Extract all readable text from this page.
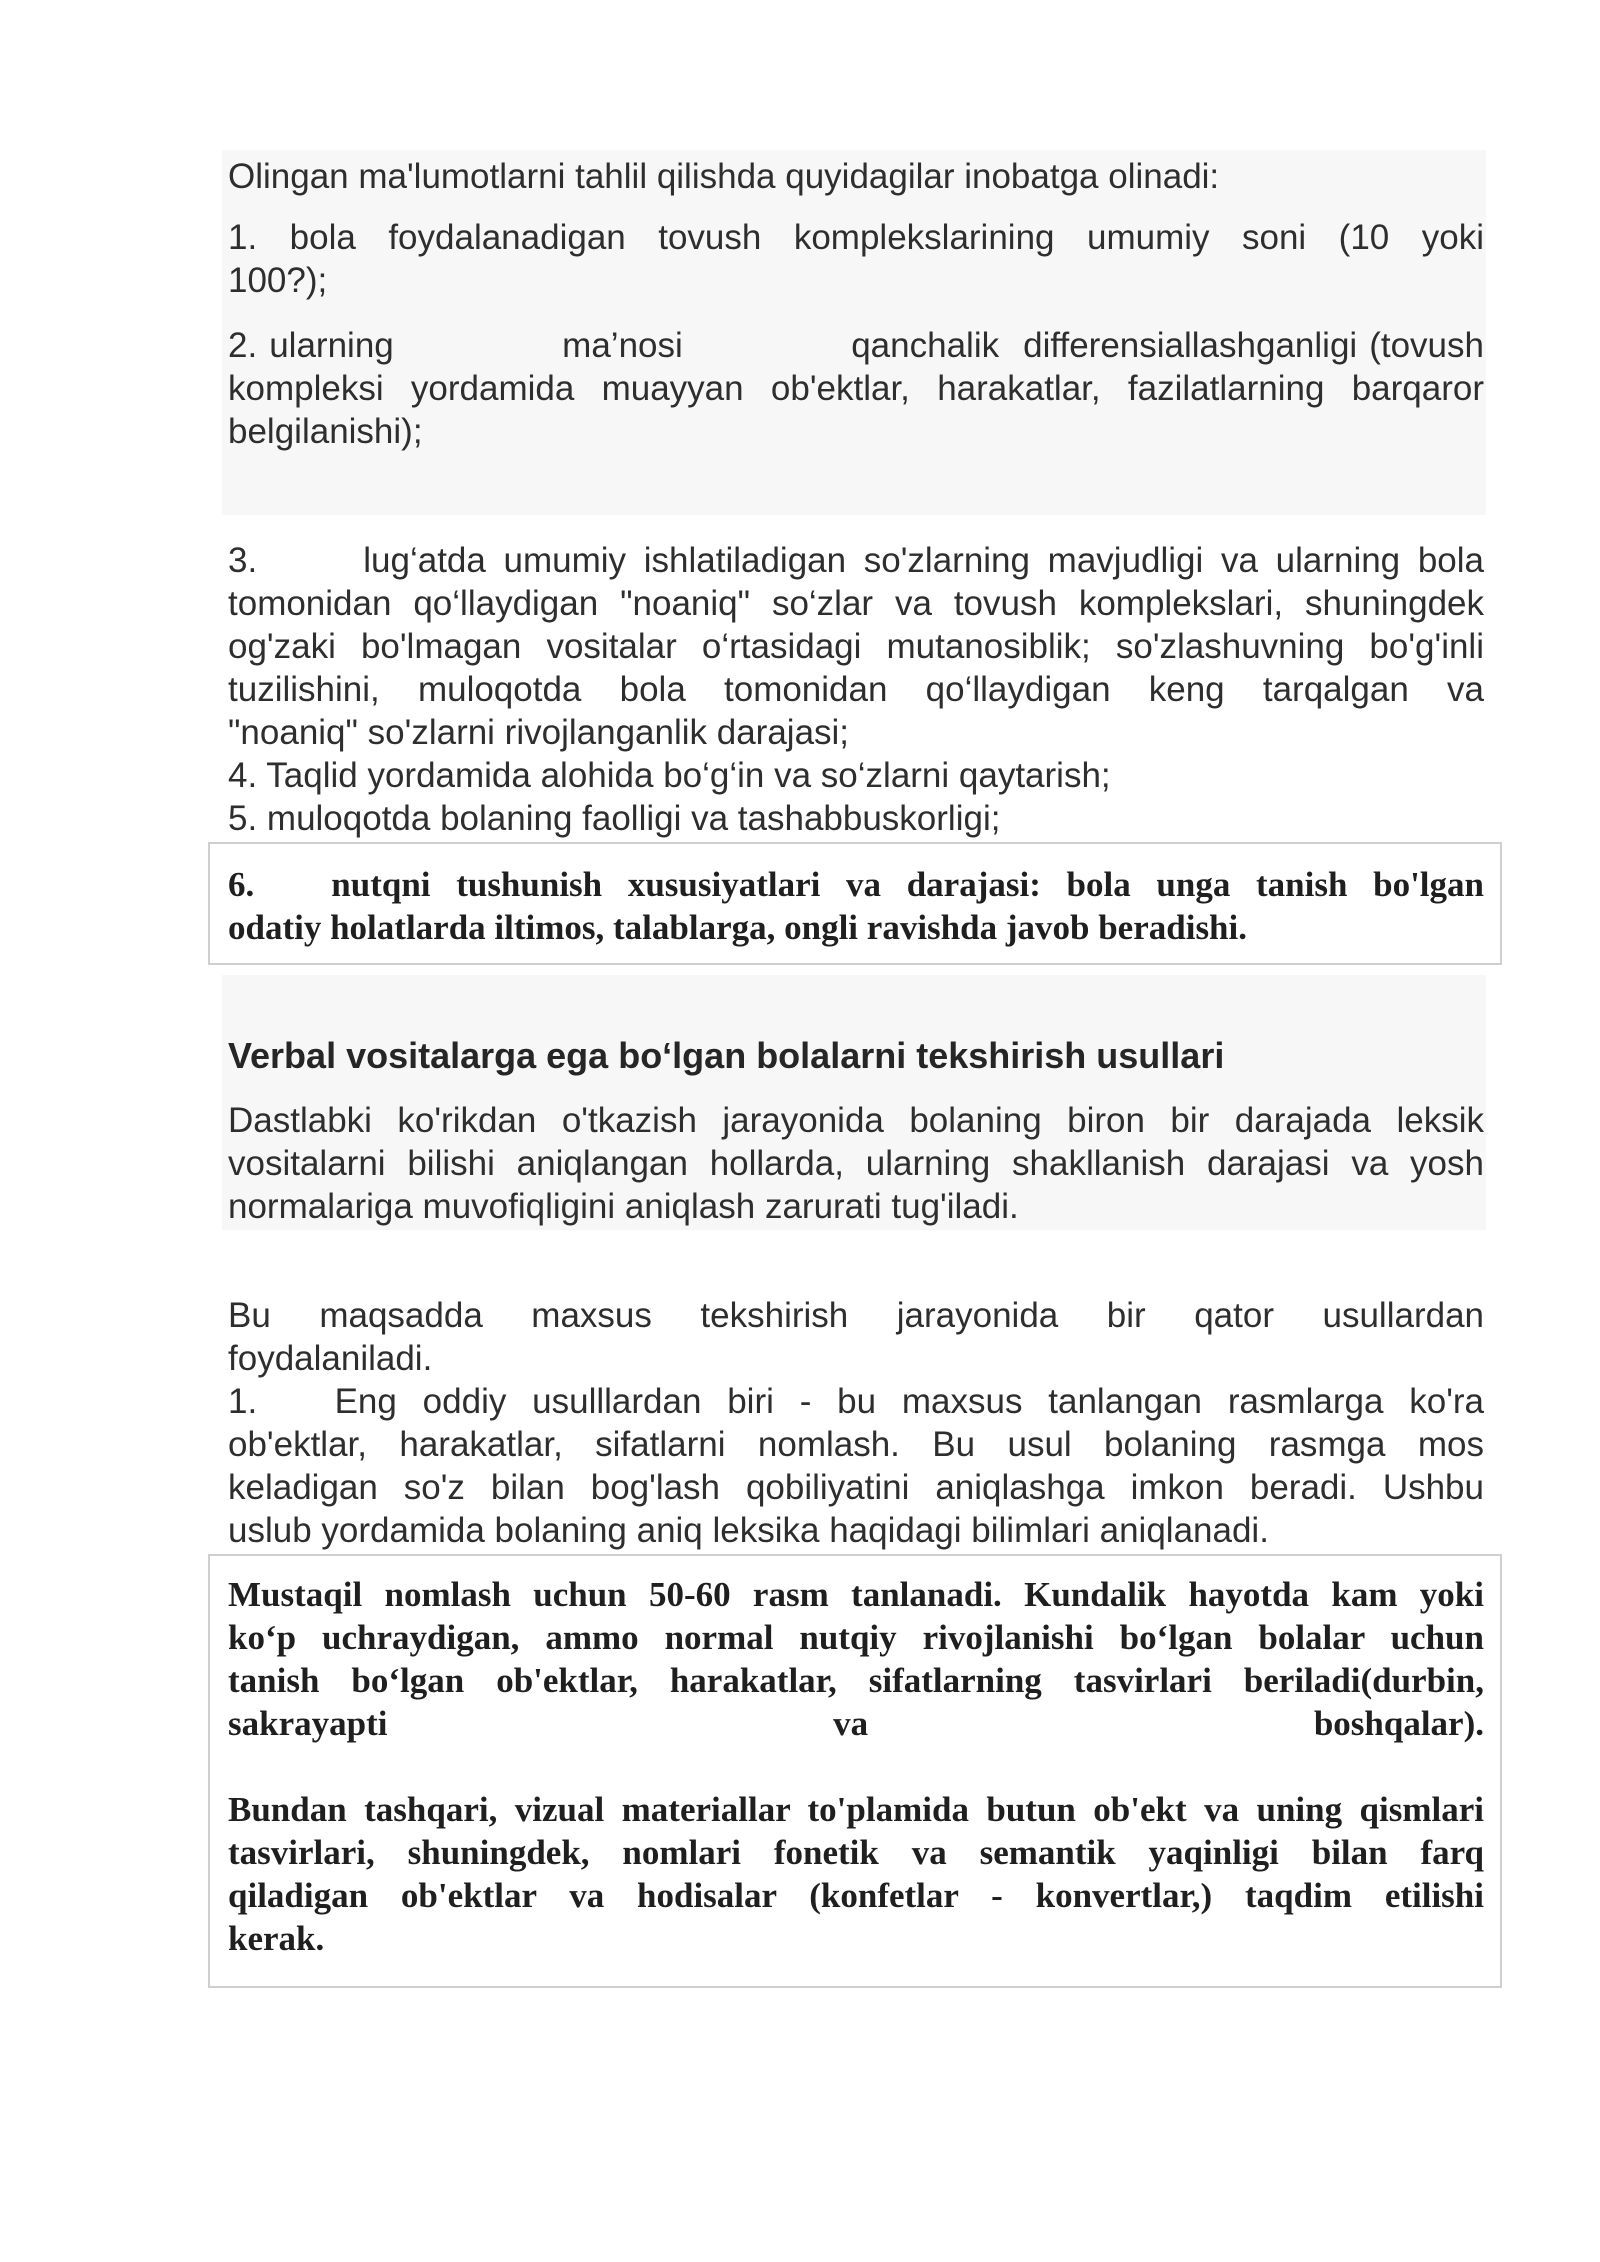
Olingan ma'lumotlarni tahlil qilishda quyidagilar inobatga olinadi:

1. bola foydalanadigan tovush komplekslаrining umumiy soni (10 yoki
100?);

2. ularning              ma’nosi              qanchalik  differensiallashganligi (tovush
kompleksi yordamida muayyan ob'ektlar, harakatlar, fazilatlarning barqaror
belgilanishi);

3.      lug‘atda umumiy ishlatiladigan so'zlarning mavjudligi va ularning bola
tomonidan qo‘llaydigan "noaniq" so‘zlar va tovush komplekslari, shuningdek
og'zaki bo'lmagan vositalar o‘rtasidagi mutanosiblik; so'zlashuvning bo'g'inli
tuzilishini, muloqotda bola tomonidan qo‘llaydigan keng tarqalgan va
"noaniq" so'zlarni rivojlanganlik darajasi;

4. Taqlid yordamida alohida bo‘g‘in va so‘zlarni qaytarish;

5. muloqotda bolaning faolligi va tashabbuskorligi;

6.   nutqni tushunish xususiyatlari va darajasi: bola unga tanish bo'lgan
odatiy holatlarda iltimos, talablarga, ongli ravishda javob beradishi.

Verbal vositalarga ega bo‘lgan bolalarni tekshirish usullari

Dastlabki ko'rikdan o'tkazish jarayonida bolaning biron bir darajada leksik
vositalarni bilishi aniqlangan hollarda, ularning shakllanish darajasi va yosh
normalariga muvofiqligini aniqlash zarurati tug'iladi.

Bu   maqsadda   maxsus   tekshirish   jarayonida   bir   qator   usullardan
foydalaniladi.

1.      Eng  oddiy  usulllardan  biri  -  bu  maxsus  tanlangan  rasmlarga  ko'ra
ob'ektlar,  harakatlar,  sifatlarni  nomlash.  Bu  usul  bolaning  rasmga  mos
keladigan  so'z  bilan  bog'lash  qobiliyatini  aniqlashga  imkon  beradi.  Ushbu
uslub yordamida bolaning aniq leksika haqidagi bilimlari aniqlanadi.

Mustaqil nomlash uchun 50-60 rasm tanlanadi. Kundalik hayotda kam yoki
ko‘p uchraydigan, ammo normal nutqiy rivojlanishi bo‘lgan bolalar uchun
tanish bo‘lgan ob'ektlar, harakatlar, sifatlarning tasvirlari beriladi(durbin,
sakrayapti	va	boshqalar).

Bundan tashqari, vizual materiallar to'plamida butun ob'ekt va uning qismlari
tasvirlari, shuningdek, nomlari fonetik va semantik yaqinligi bilan farq
qiladigan ob'ektlar va hodisalar (konfetlar - konvertlar,) taqdim etilishi
kerak.
